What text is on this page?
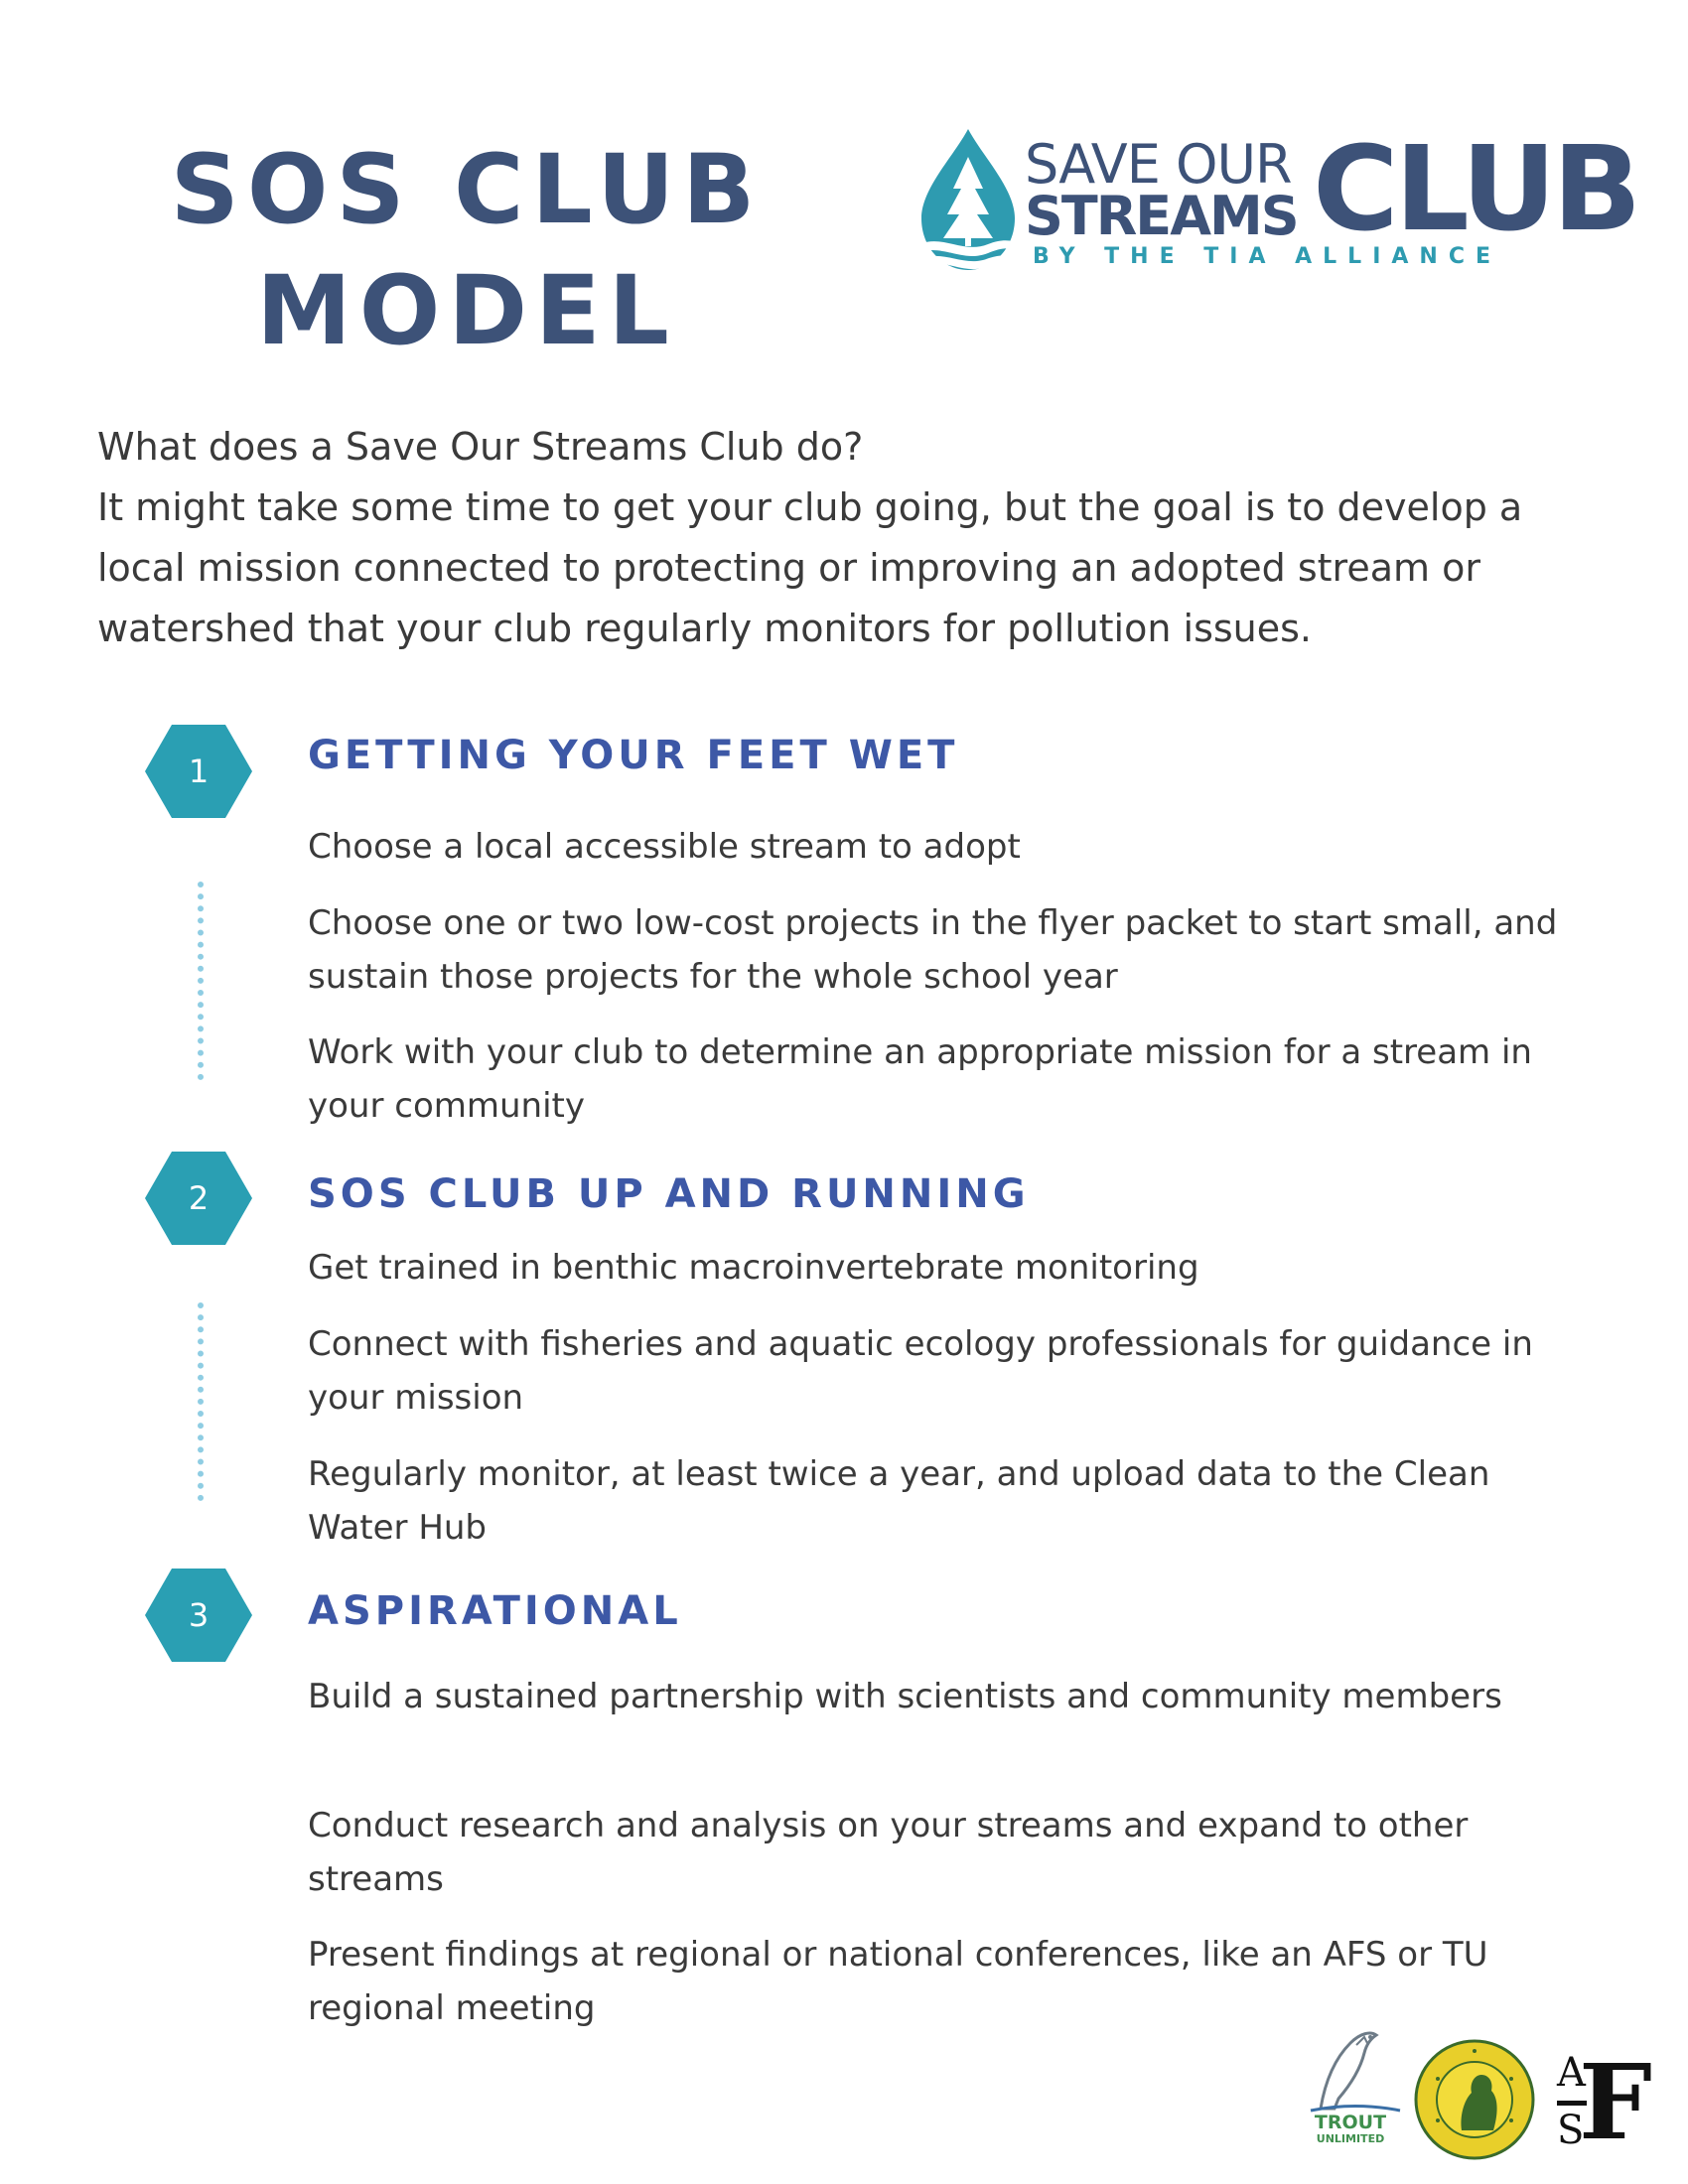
SOS CLUB
MODEL
SAVE OUR
STREAMS CLUB
BY THE TIA ALLIANCE

What does a Save Our Streams Club do?

It might take some time to get your club going, but the goal is to develop a local mission connected to protecting or improving an adopted stream or watershed that your club regularly monitors for pollution issues.

1	GETTING YOUR FEET WET
Choose a local accessible stream to adopt
Choose one or two low-cost projects in the flyer packet to start small, and sustain those projects for the whole school year
Work with your club to determine an appropriate mission for a stream in your community
2	SOS CLUB UP AND RUNNING
Get trained in benthic macroinvertebrate monitoring
Connect with fisheries and aquatic ecology professionals for guidance in your mission
Regularly monitor, at least twice a year, and upload data to the Clean Water Hub
3	ASPIRATIONAL
Build a sustained partnership with scientists and community members
Conduct research and analysis on your streams and expand to other streams
Present findings at regional or national conferences, like an AFS or TU regional meeting
TROUT
UNLIMITED
A
S
F
